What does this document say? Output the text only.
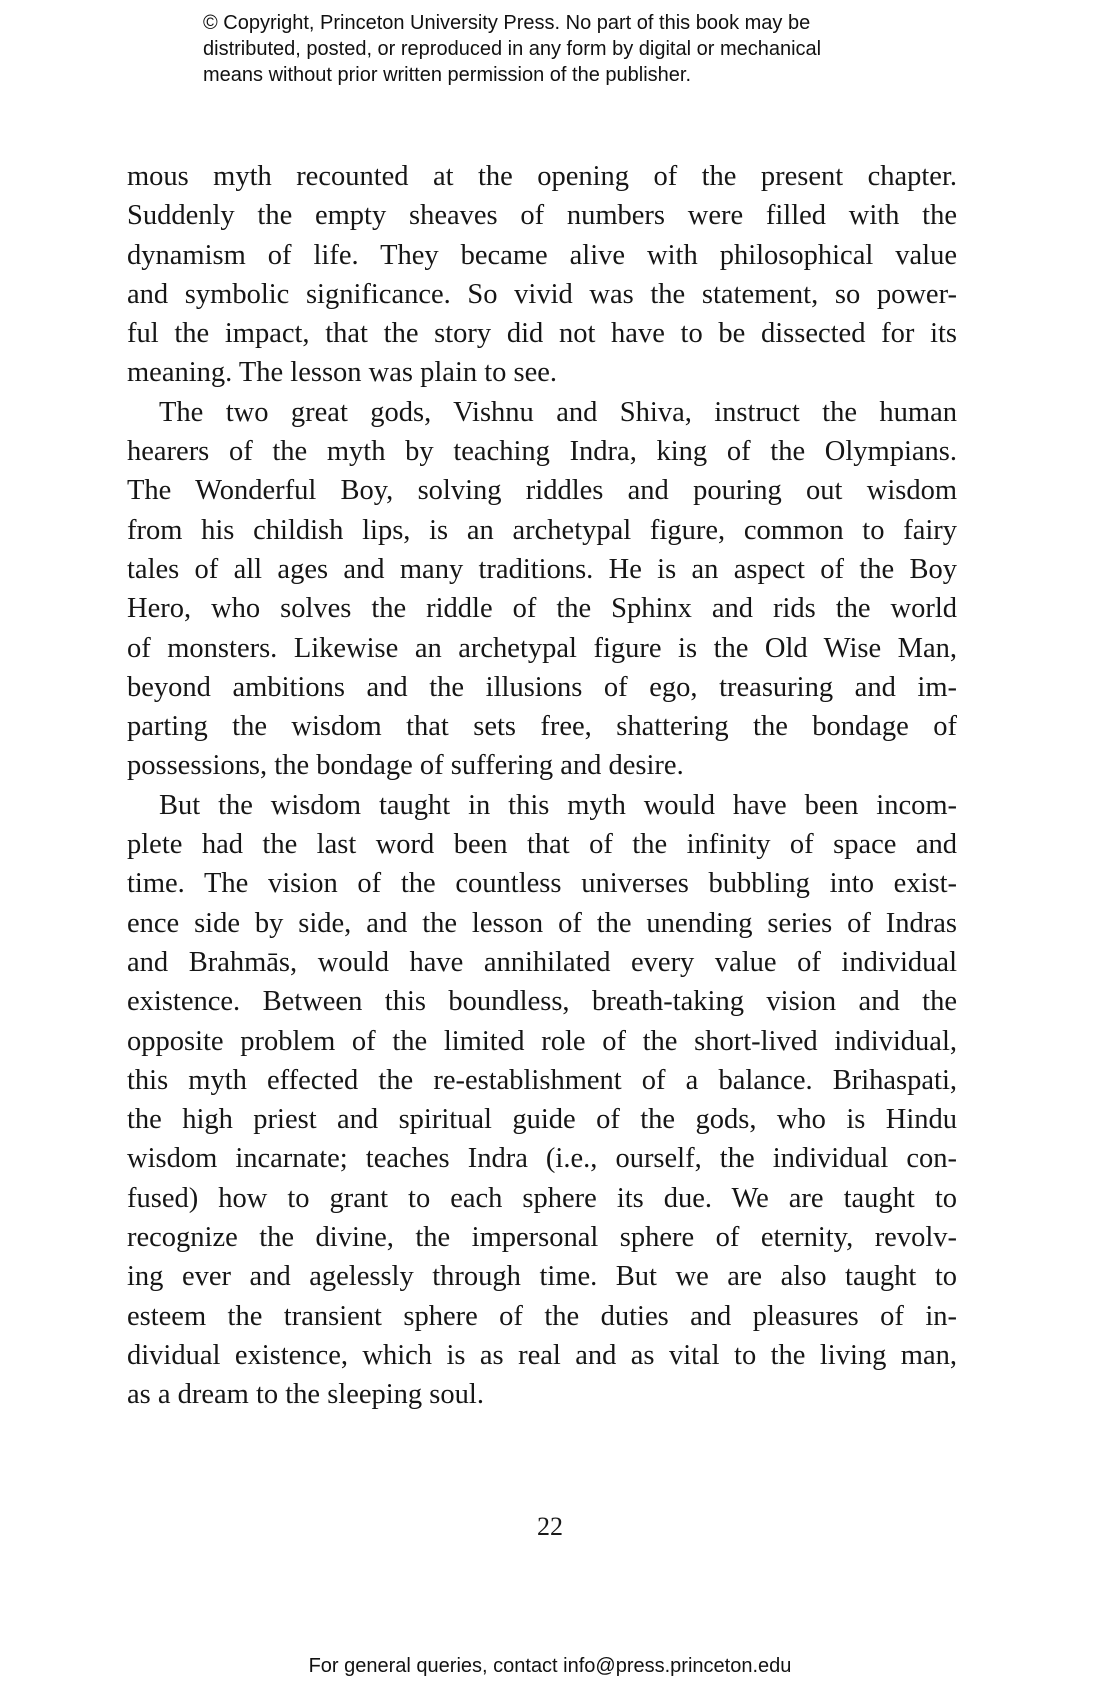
© Copyright, Princeton University Press. No part of this book may be
distributed, posted, or reproduced in any form by digital or mechanical
means without prior written permission of the publisher.
mous myth recounted at the opening of the present chapter.
Suddenly the empty sheaves of numbers were filled with the
dynamism of life. They became alive with philosophical value
and symbolic significance. So vivid was the statement, so power-
ful the impact, that the story did not have to be dissected for its
meaning. The lesson was plain to see.
The two great gods, Vishnu and Shiva, instruct the human
hearers of the myth by teaching Indra, king of the Olympians.
The Wonderful Boy, solving riddles and pouring out wisdom
from his childish lips, is an archetypal figure, common to fairy
tales of all ages and many traditions. He is an aspect of the Boy
Hero, who solves the riddle of the Sphinx and rids the world
of monsters. Likewise an archetypal figure is the Old Wise Man,
beyond ambitions and the illusions of ego, treasuring and im-
parting the wisdom that sets free, shattering the bondage of
possessions, the bondage of suffering and desire.
But the wisdom taught in this myth would have been incom-
plete had the last word been that of the infinity of space and
time. The vision of the countless universes bubbling into exist-
ence side by side, and the lesson of the unending series of Indras
and Brahmās, would have annihilated every value of individual
existence. Between this boundless, breath-taking vision and the
opposite problem of the limited role of the short-lived individual,
this myth effected the re-establishment of a balance. Brihaspati,
the high priest and spiritual guide of the gods, who is Hindu
wisdom incarnate; teaches Indra (i.e., ourself, the individual con-
fused) how to grant to each sphere its due. We are taught to
recognize the divine, the impersonal sphere of eternity, revolv-
ing ever and agelessly through time. But we are also taught to
esteem the transient sphere of the duties and pleasures of in-
dividual existence, which is as real and as vital to the living man,
as a dream to the sleeping soul.
22
For general queries, contact info@press.princeton.edu
